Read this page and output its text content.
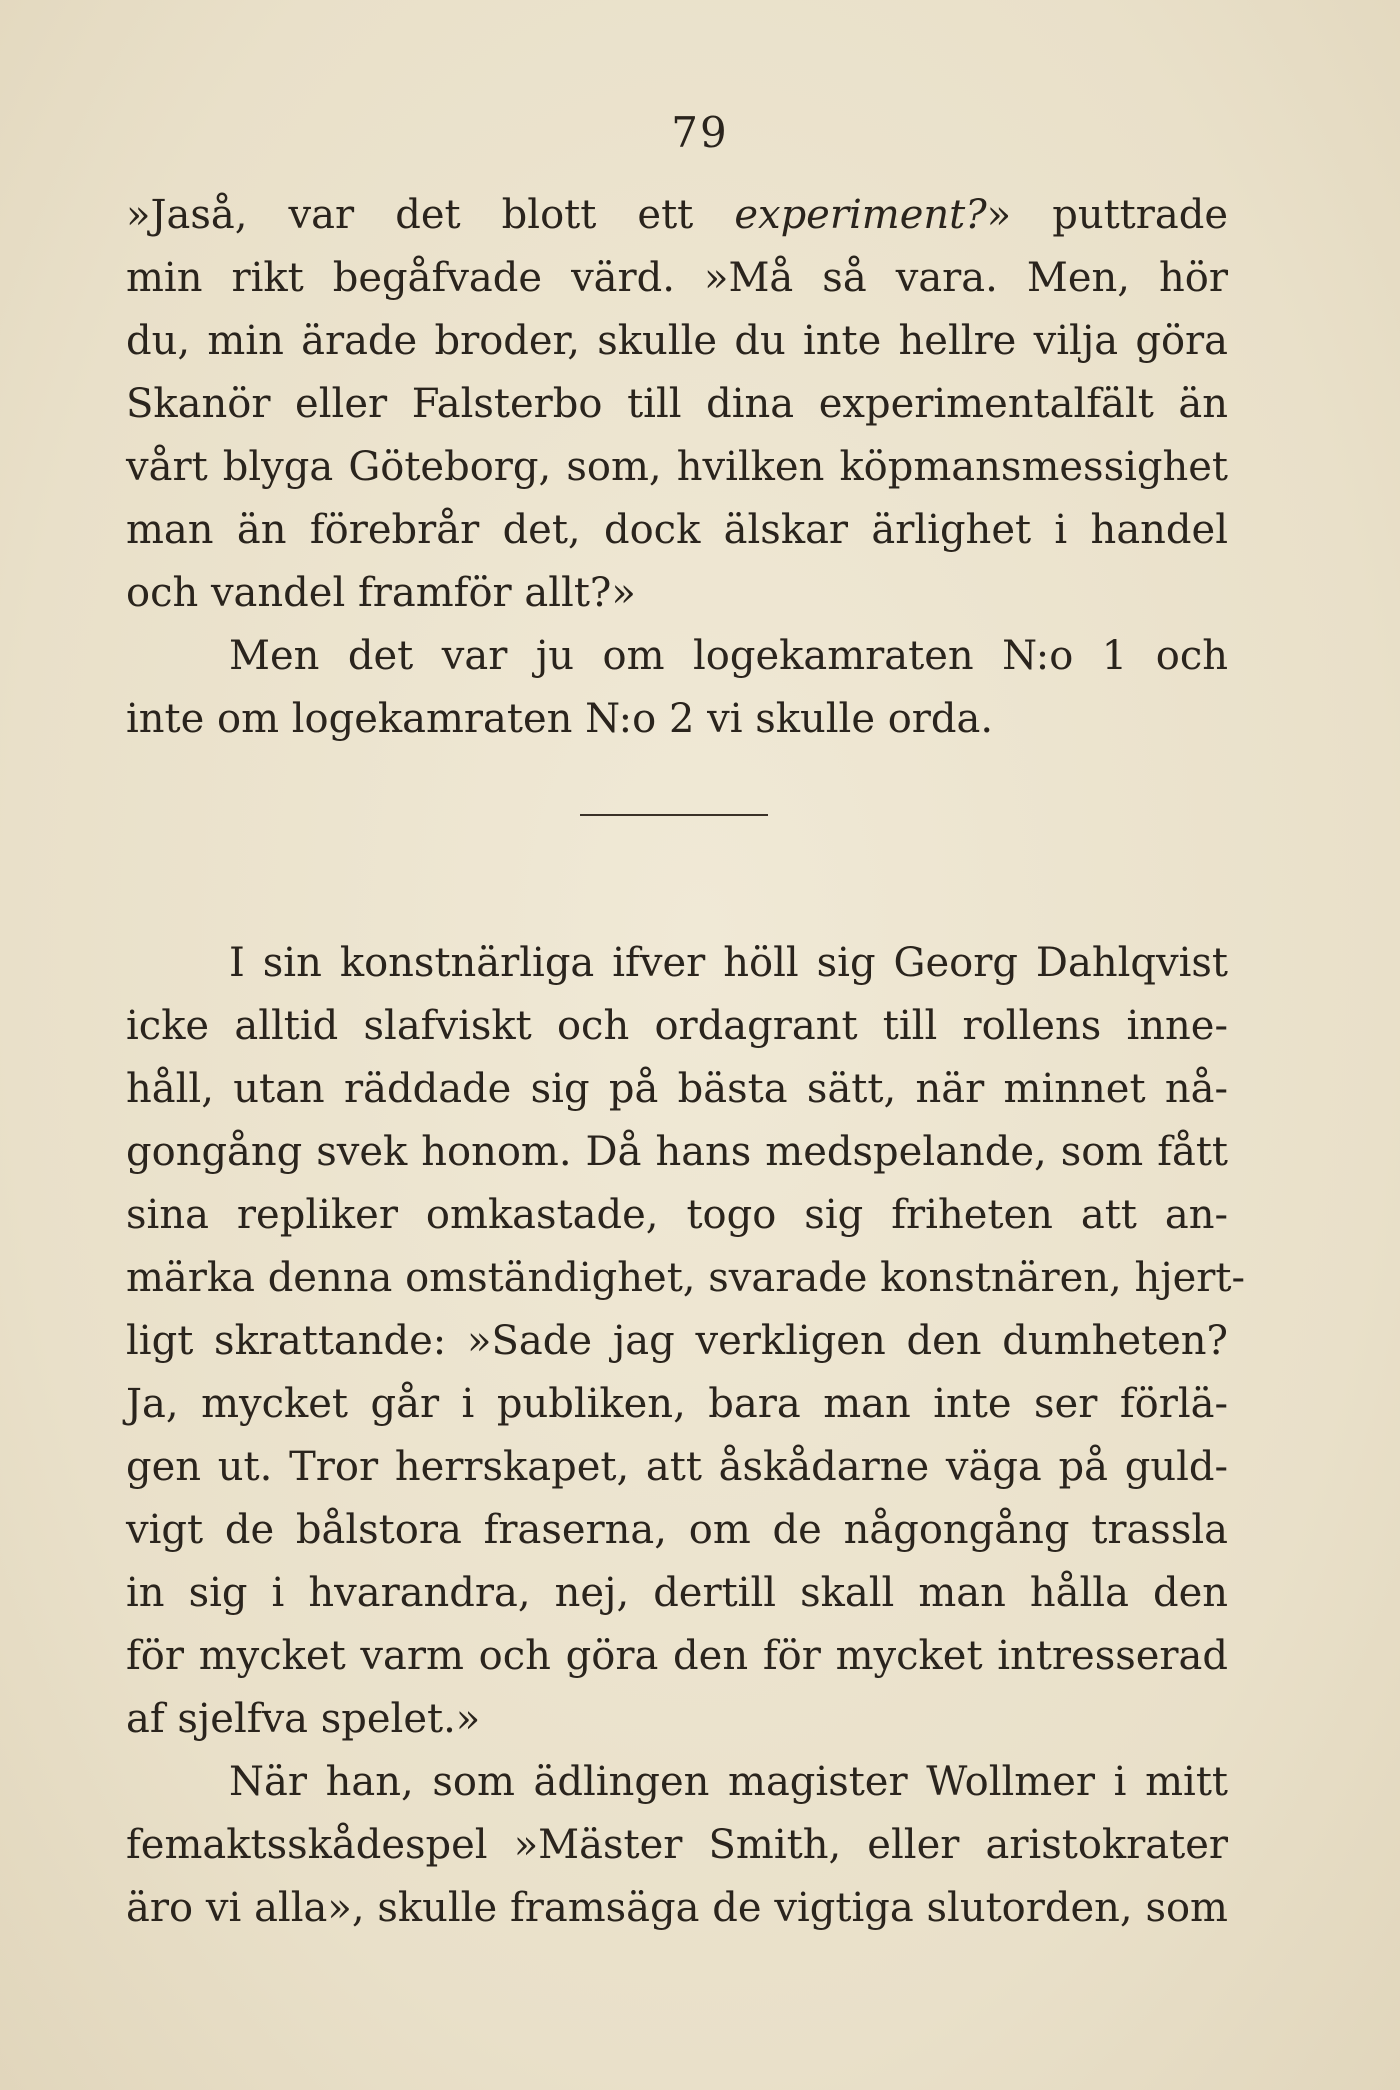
79
»Jaså, var det blott ett experiment?» puttrade
min rikt begåfvade värd. »Må så vara. Men, hör
du, min ärade broder, skulle du inte hellre vilja göra
Skanör eller Falsterbo till dina experimentalfält än
vårt blyga Göteborg, som, hvilken köpmansmessighet
man än förebrår det, dock älskar ärlighet i handel
och vandel framför allt?»
Men det var ju om logekamraten N:o 1 och
inte om logekamraten N:o 2 vi skulle orda.
I sin konstnärliga ifver höll sig Georg Dahlqvist
icke alltid slafviskt och ordagrant till rollens inne-
håll, utan räddade sig på bästa sätt, när minnet nå-
gongång svek honom. Då hans medspelande, som fått
sina repliker omkastade, togo sig friheten att an-
märka denna omständighet, svarade konstnären, hjert-
ligt skrattande: »Sade jag verkligen den dumheten?
Ja, mycket går i publiken, bara man inte ser förlä-
gen ut. Tror herrskapet, att åskådarne väga på guld-
vigt de bålstora fraserna, om de någongång trassla
in sig i hvarandra, nej, dertill skall man hålla den
för mycket varm och göra den för mycket intresserad
af sjelfva spelet.»
När han, som ädlingen magister Wollmer i mitt
femaktsskådespel »Mäster Smith, eller aristokrater
äro vi alla», skulle framsäga de vigtiga slutorden, som
